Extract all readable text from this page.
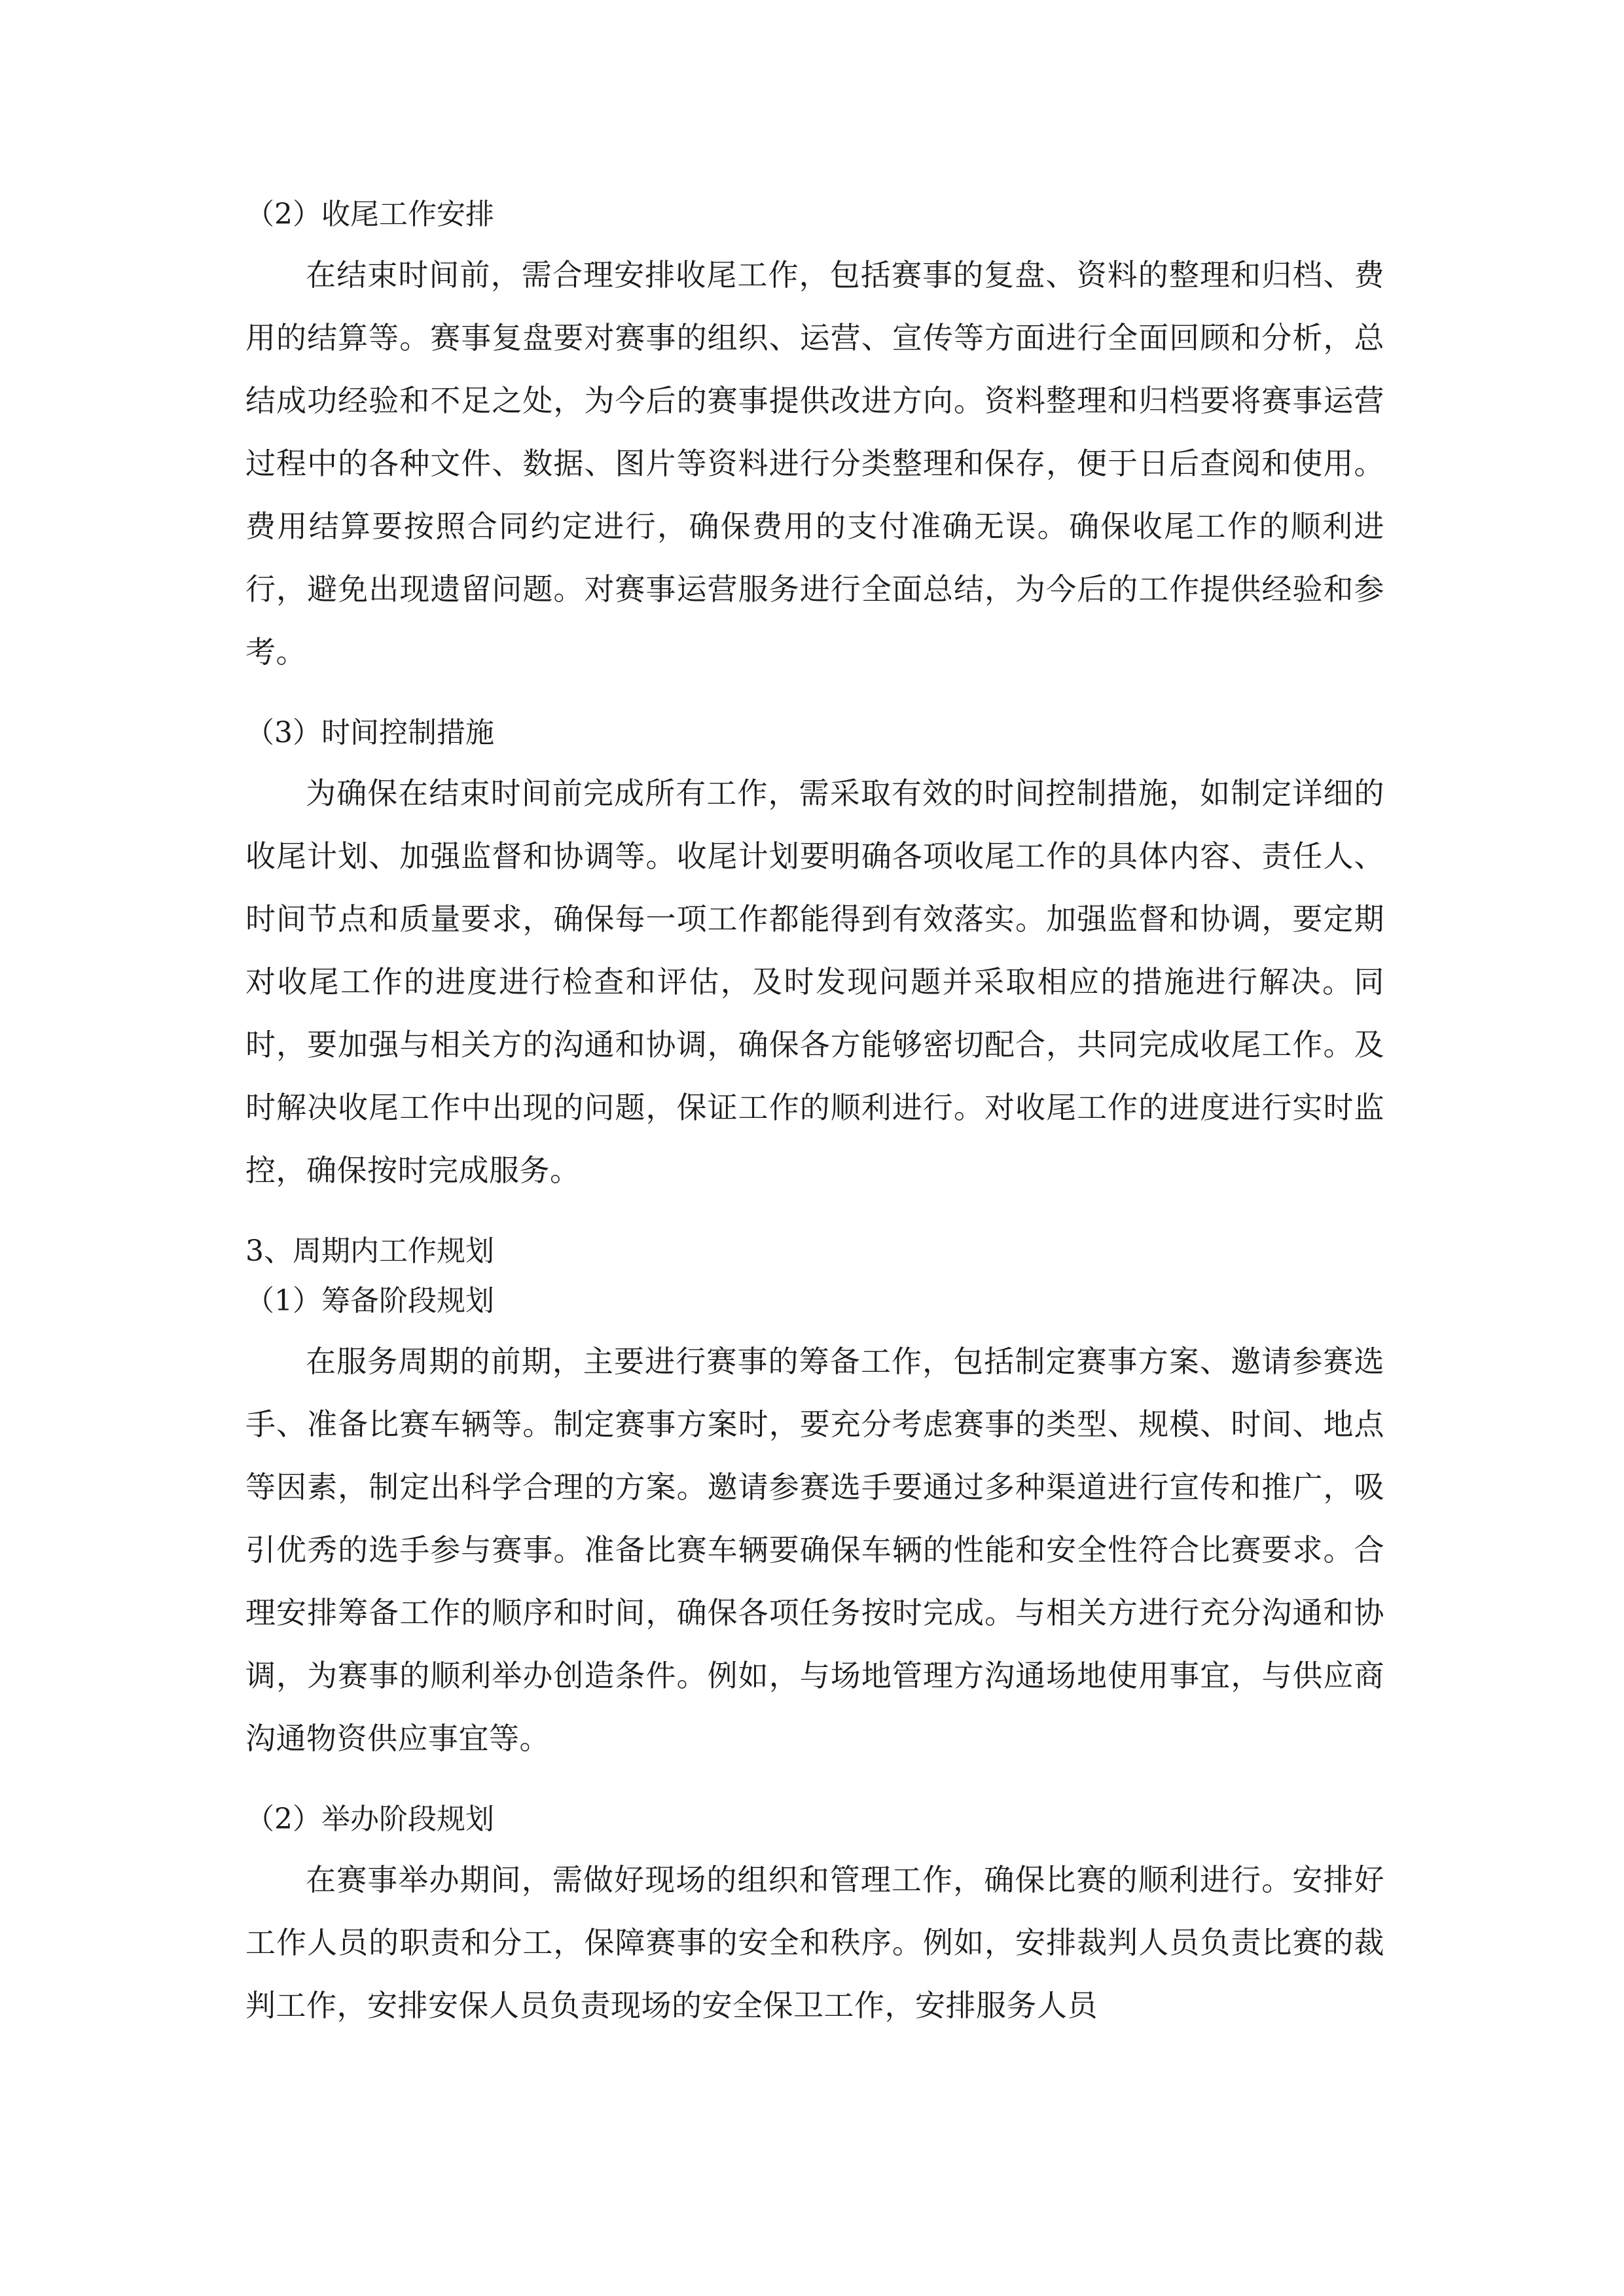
（2）收尾工作安排

在结束时间前，需合理安排收尾工作，包括赛事的复盘、资料的整理和归档、费用的结算等。赛事复盘要对赛事的组织、运营、宣传等方面进行全面回顾和分析，总结成功经验和不足之处，为今后的赛事提供改进方向。资料整理和归档要将赛事运营过程中的各种文件、数据、图片等资料进行分类整理和保存，便于日后查阅和使用。费用结算要按照合同约定进行，确保费用的支付准确无误。确保收尾工作的顺利进行，避免出现遗留问题。对赛事运营服务进行全面总结，为今后的工作提供经验和参考。

（3）时间控制措施

为确保在结束时间前完成所有工作，需采取有效的时间控制措施，如制定详细的收尾计划、加强监督和协调等。收尾计划要明确各项收尾工作的具体内容、责任人、时间节点和质量要求，确保每一项工作都能得到有效落实。加强监督和协调，要定期对收尾工作的进度进行检查和评估，及时发现问题并采取相应的措施进行解决。同时，要加强与相关方的沟通和协调，确保各方能够密切配合，共同完成收尾工作。及时解决收尾工作中出现的问题，保证工作的顺利进行。对收尾工作的进度进行实时监控，确保按时完成服务。

3、周期内工作规划
（1）筹备阶段规划

在服务周期的前期，主要进行赛事的筹备工作，包括制定赛事方案、邀请参赛选手、准备比赛车辆等。制定赛事方案时，要充分考虑赛事的类型、规模、时间、地点等因素，制定出科学合理的方案。邀请参赛选手要通过多种渠道进行宣传和推广，吸引优秀的选手参与赛事。准备比赛车辆要确保车辆的性能和安全性符合比赛要求。合理安排筹备工作的顺序和时间，确保各项任务按时完成。与相关方进行充分沟通和协调，为赛事的顺利举办创造条件。例如，与场地管理方沟通场地使用事宜，与供应商沟通物资供应事宜等。

（2）举办阶段规划

在赛事举办期间，需做好现场的组织和管理工作，确保比赛的顺利进行。安排好工作人员的职责和分工，保障赛事的安全和秩序。例如，安排裁判人员负责比赛的裁判工作，安排安保人员负责现场的安全保卫工作，安排服务人员
